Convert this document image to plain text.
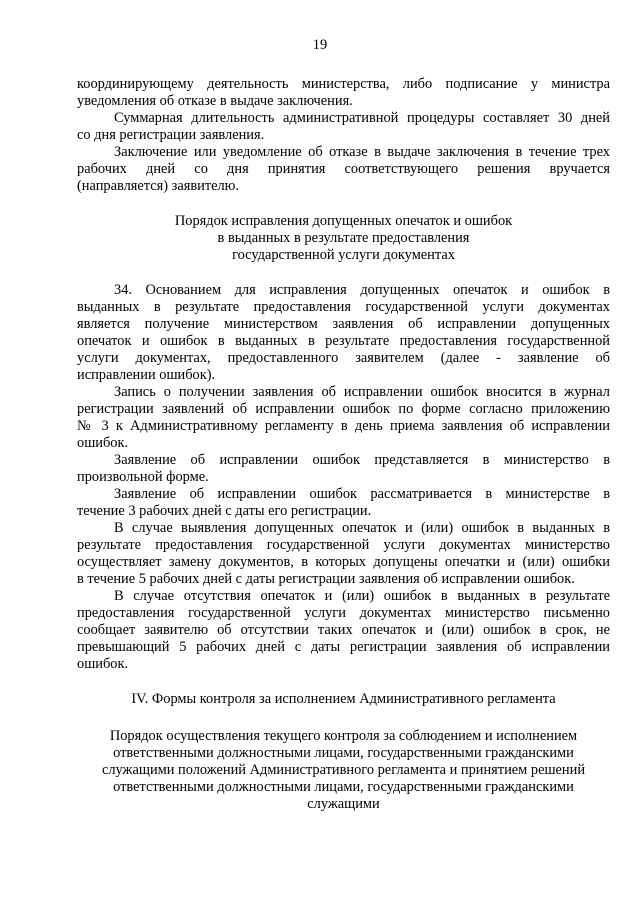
19
координирующему деятельность министерства, либо подписание у министра
уведомления об отказе в выдаче заключения.
Суммарная длительность административной процедуры составляет 30 дней
со дня регистрации заявления.
Заключение или уведомление об отказе в выдаче заключения в течение трех
рабочих дней со дня принятия соответствующего решения вручается
(направляется) заявителю.
Порядок исправления допущенных опечаток и ошибок
в выданных в результате предоставления
государственной услуги документах
34. Основанием для исправления допущенных опечаток и ошибок в
выданных в результате предоставления государственной услуги документах
является получение министерством заявления об исправлении допущенных
опечаток и ошибок в выданных в результате предоставления государственной
услуги документах, предоставленного заявителем (далее - заявление об
исправлении ошибок).
Запись о получении заявления об исправлении ошибок вносится в журнал
регистрации заявлений об исправлении ошибок по форме согласно приложению
№ 3 к Административному регламенту в день приема заявления об исправлении
ошибок.
Заявление об исправлении ошибок представляется в министерство в
произвольной форме.
Заявление об исправлении ошибок рассматривается в министерстве в
течение 3 рабочих дней с даты его регистрации.
В случае выявления допущенных опечаток и (или) ошибок в выданных в
результате предоставления государственной услуги документах министерство
осуществляет замену документов, в которых допущены опечатки и (или) ошибки
в течение 5 рабочих дней с даты регистрации заявления об исправлении ошибок.
В случае отсутствия опечаток и (или) ошибок в выданных в результате
предоставления государственной услуги документах министерство письменно
сообщает заявителю об отсутствии таких опечаток и (или) ошибок в срок, не
превышающий 5 рабочих дней с даты регистрации заявления об исправлении
ошибок.
IV. Формы контроля за исполнением Административного регламента
Порядок осуществления текущего контроля за соблюдением и исполнением
ответственными должностными лицами, государственными гражданскими
служащими положений Административного регламента и принятием решений
ответственными должностными лицами, государственными гражданскими
служащими
